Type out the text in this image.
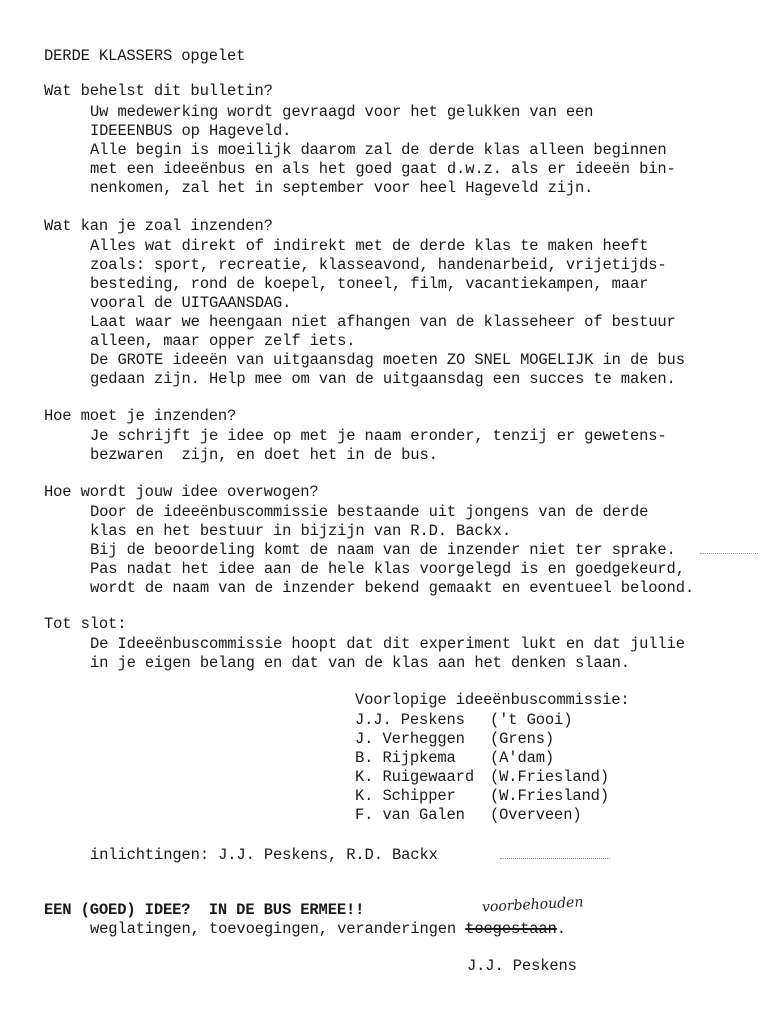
DERDE KLASSERS opgelet
Wat behelst dit bulletin?
Uw medewerking wordt gevraagd voor het gelukken van een
IDEEENBUS op Hageveld.
Alle begin is moeilijk daarom zal de derde klas alleen beginnen
met een ideeënbus en als het goed gaat d.w.z. als er ideeën bin-
nenkomen, zal het in september voor heel Hageveld zijn.
Wat kan je zoal inzenden?
Alles wat direkt of indirekt met de derde klas te maken heeft
zoals: sport, recreatie, klasseavond, handenarbeid, vrijetijds-
besteding, rond de koepel, toneel, film, vacantiekampen, maar
vooral de UITGAANSDAG.
Laat waar we heengaan niet afhangen van de klasseheer of bestuur
alleen, maar opper zelf iets.
De GROTE ideeën van uitgaansdag moeten ZO SNEL MOGELIJK in de bus
gedaan zijn. Help mee om van de uitgaansdag een succes te maken.
Hoe moet je inzenden?
Je schrijft je idee op met je naam eronder, tenzij er gewetens-
bezwaren  zijn, en doet het in de bus.
Hoe wordt jouw idee overwogen?
Door de ideeënbuscommissie bestaande uit jongens van de derde
klas en het bestuur in bijzijn van R.D. Backx.
Bij de beoordeling komt de naam van de inzender niet ter sprake.
Pas nadat het idee aan de hele klas voorgelegd is en goedgekeurd,
wordt de naam van de inzender bekend gemaakt en eventueel beloond.
Tot slot:
De Ideeënbuscommissie hoopt dat dit experiment lukt en dat jullie
in je eigen belang en dat van de klas aan het denken slaan.
Voorlopige ideeënbuscommissie:
J.J. Peskens ('t Gooi)
J. Verheggen (Grens)
B. Rijpkema (A'dam)
K. Ruigewaard (W.Friesland)
K. Schipper (W.Friesland)
F. van Galen (Overveen)
inlichtingen: J.J. Peskens, R.D. Backx
EEN (GOED) IDEE?  IN DE BUS ERMEE!!	voorbehouden
weglatingen, toevoegingen, veranderingen toegestaan.
J.J. Peskens
